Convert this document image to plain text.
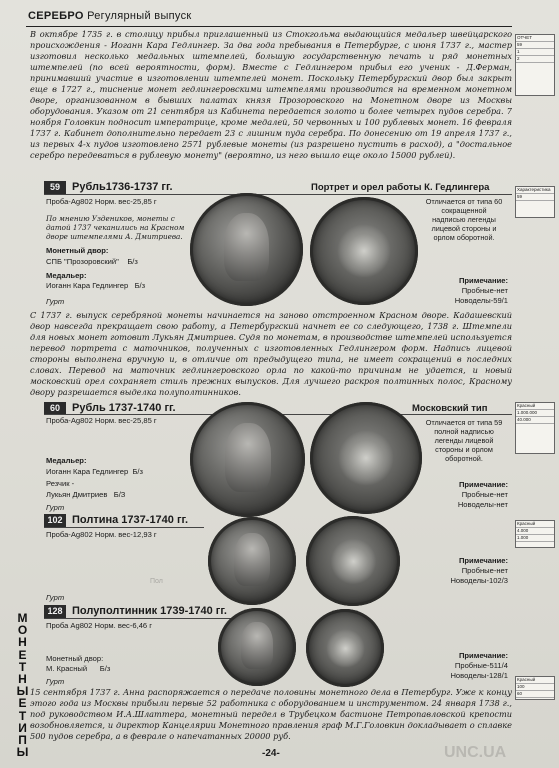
СЕРЕБРО Регулярный выпуск

В октябре 1735 г. в столицу прибыл приглашенный из Стокгольма выдающийся медальер швейцарского происхождения - Иоганн Кара Гедлингер. За два года пребывания в Петербурге, с июня 1737 г., мастер изготовил несколько медальных штемпелей, большую государственную печать и ряд монетных штемпелей (по всей вероятности, форм). Вместе с Гедлингером прибыл его ученик - Д.Ферман, принимавший участие в изготовлении штемпелей монет. Поскольку Петербургский двор был закрыт еще в 1727 г., тиснение монет гедлингеровскими штемпелями производится на временном монетном дворе, организованном в бывших палатах князя Прозоровского на Монетном дворе из Москвы оборудования. Указом от 21 сентября из Кабинета передается золото и более четырех пудов серебра. 7 ноября Головкин подносит императрице, кроме медалей, 50 червонных и 100 рублевых монет. 16 февраля 1737 г. Кабинет дополнительно передает 23 с лишним пуда серебра. По донесению от 19 апреля 1737 г., из первых 4-х пудов изготовлено 2571 рублевые монеты (из разрешено пустить в расход), а "достальное серебро передеваться в рублевую монету" (вероятно, из него вышло еще около 15000 рублей).

59	Рубль1736-1737 гг.	Портрет и орел работы К. Гедлингера
Проба-Ag802 Норм. вес-25,85 г
По мнению Уздеников, монеты с датой 1737 чеканились на Красном дворе штемпелями А. Дмитриева.
Монетный двор:
СПБ "Прозоровский" Б/з
Медальер:
Иоганн Кара Гедлингер Б/з
Гурт
Отличается от типа 60 сокращенной надписью легенды лицевой стороны и орлом оборотной.
Примечание:
Пробные-нет
Новоделы-59/1

С 1737 г. выпуск серебряной монеты начинается на заново отстроенном Красном дворе. Кадашевский двор навсегда прекращает свою работу, а Петербургский начнет ее со следующего, 1738 г. Штемпели для новых монет готовит Лукьян Дмитриев. Судя по монетам, в производстве штемпелей используется перевод портрета с маточников, полученных с изготовленных Гедлингером форм. Надпись лицевой стороны выполнена вручную и, в отличие от предыдущего типа, не имеет сокращений в последних словах. Перевод на маточник гедлингеровского орла по какой-то причинам не удается, и новый московский орел сохраняет стиль прежних выпусков. Для лучшего раскроя полтинных полос, Красному двору разрешается выделка полуполтинников.

60	Рубль 1737-1740 гг.	Московский тип
Проба-Ag802 Норм. вес-25,85 г
Медальер:
Иоганн Кара Гедлингер Б/з
Резчик -
Лукьян Дмитриев Б/З
Гурт
Отличается от типа 59 полной надписью легенды лицевой стороны и орлом оборотной.
Примечание:
Пробные-нет
Новоделы-нет
102 Полтина 1737-1740 гг.
Проба-Ag802 Норм. вес-12,93 г
Гурт
Пол
Примечание:
Пробные-нет
Новоделы-102/3
128 Полуполтинник 1739-1740 гг.
Проба Ag802 Норм. вес-6,46 г
Монетный двор:
М. Красный Б/з
Гурт
Примечание:
Пробные-511/4
Новоделы-128/1

15 сентября 1737 г. Анна распоряжается о передаче половины монетного дела в Петербург. Уже к концу этого года из Москвы прибыли первые 52 работника с оборудованием и инструментом. 24 января 1738 г., под руководством И.А.Шлаттера, монетный передел в Трубецком бастионе Петропавловской крепости возобновляется, и директор Канцелярии Монетного правления граф М.Г.Головкин докладывает о сплавке 500 пудов серебра, а в феврале о напечатанных 20000 руб.

МОНЕТНЫЕ ТИПЫ
ОТЧЕТ
59
1
2
Характеристика
59
Красный
1.000.000
40.000
Красный
4.000
1.000
Красный
100
60
-24-	UNC.UA
